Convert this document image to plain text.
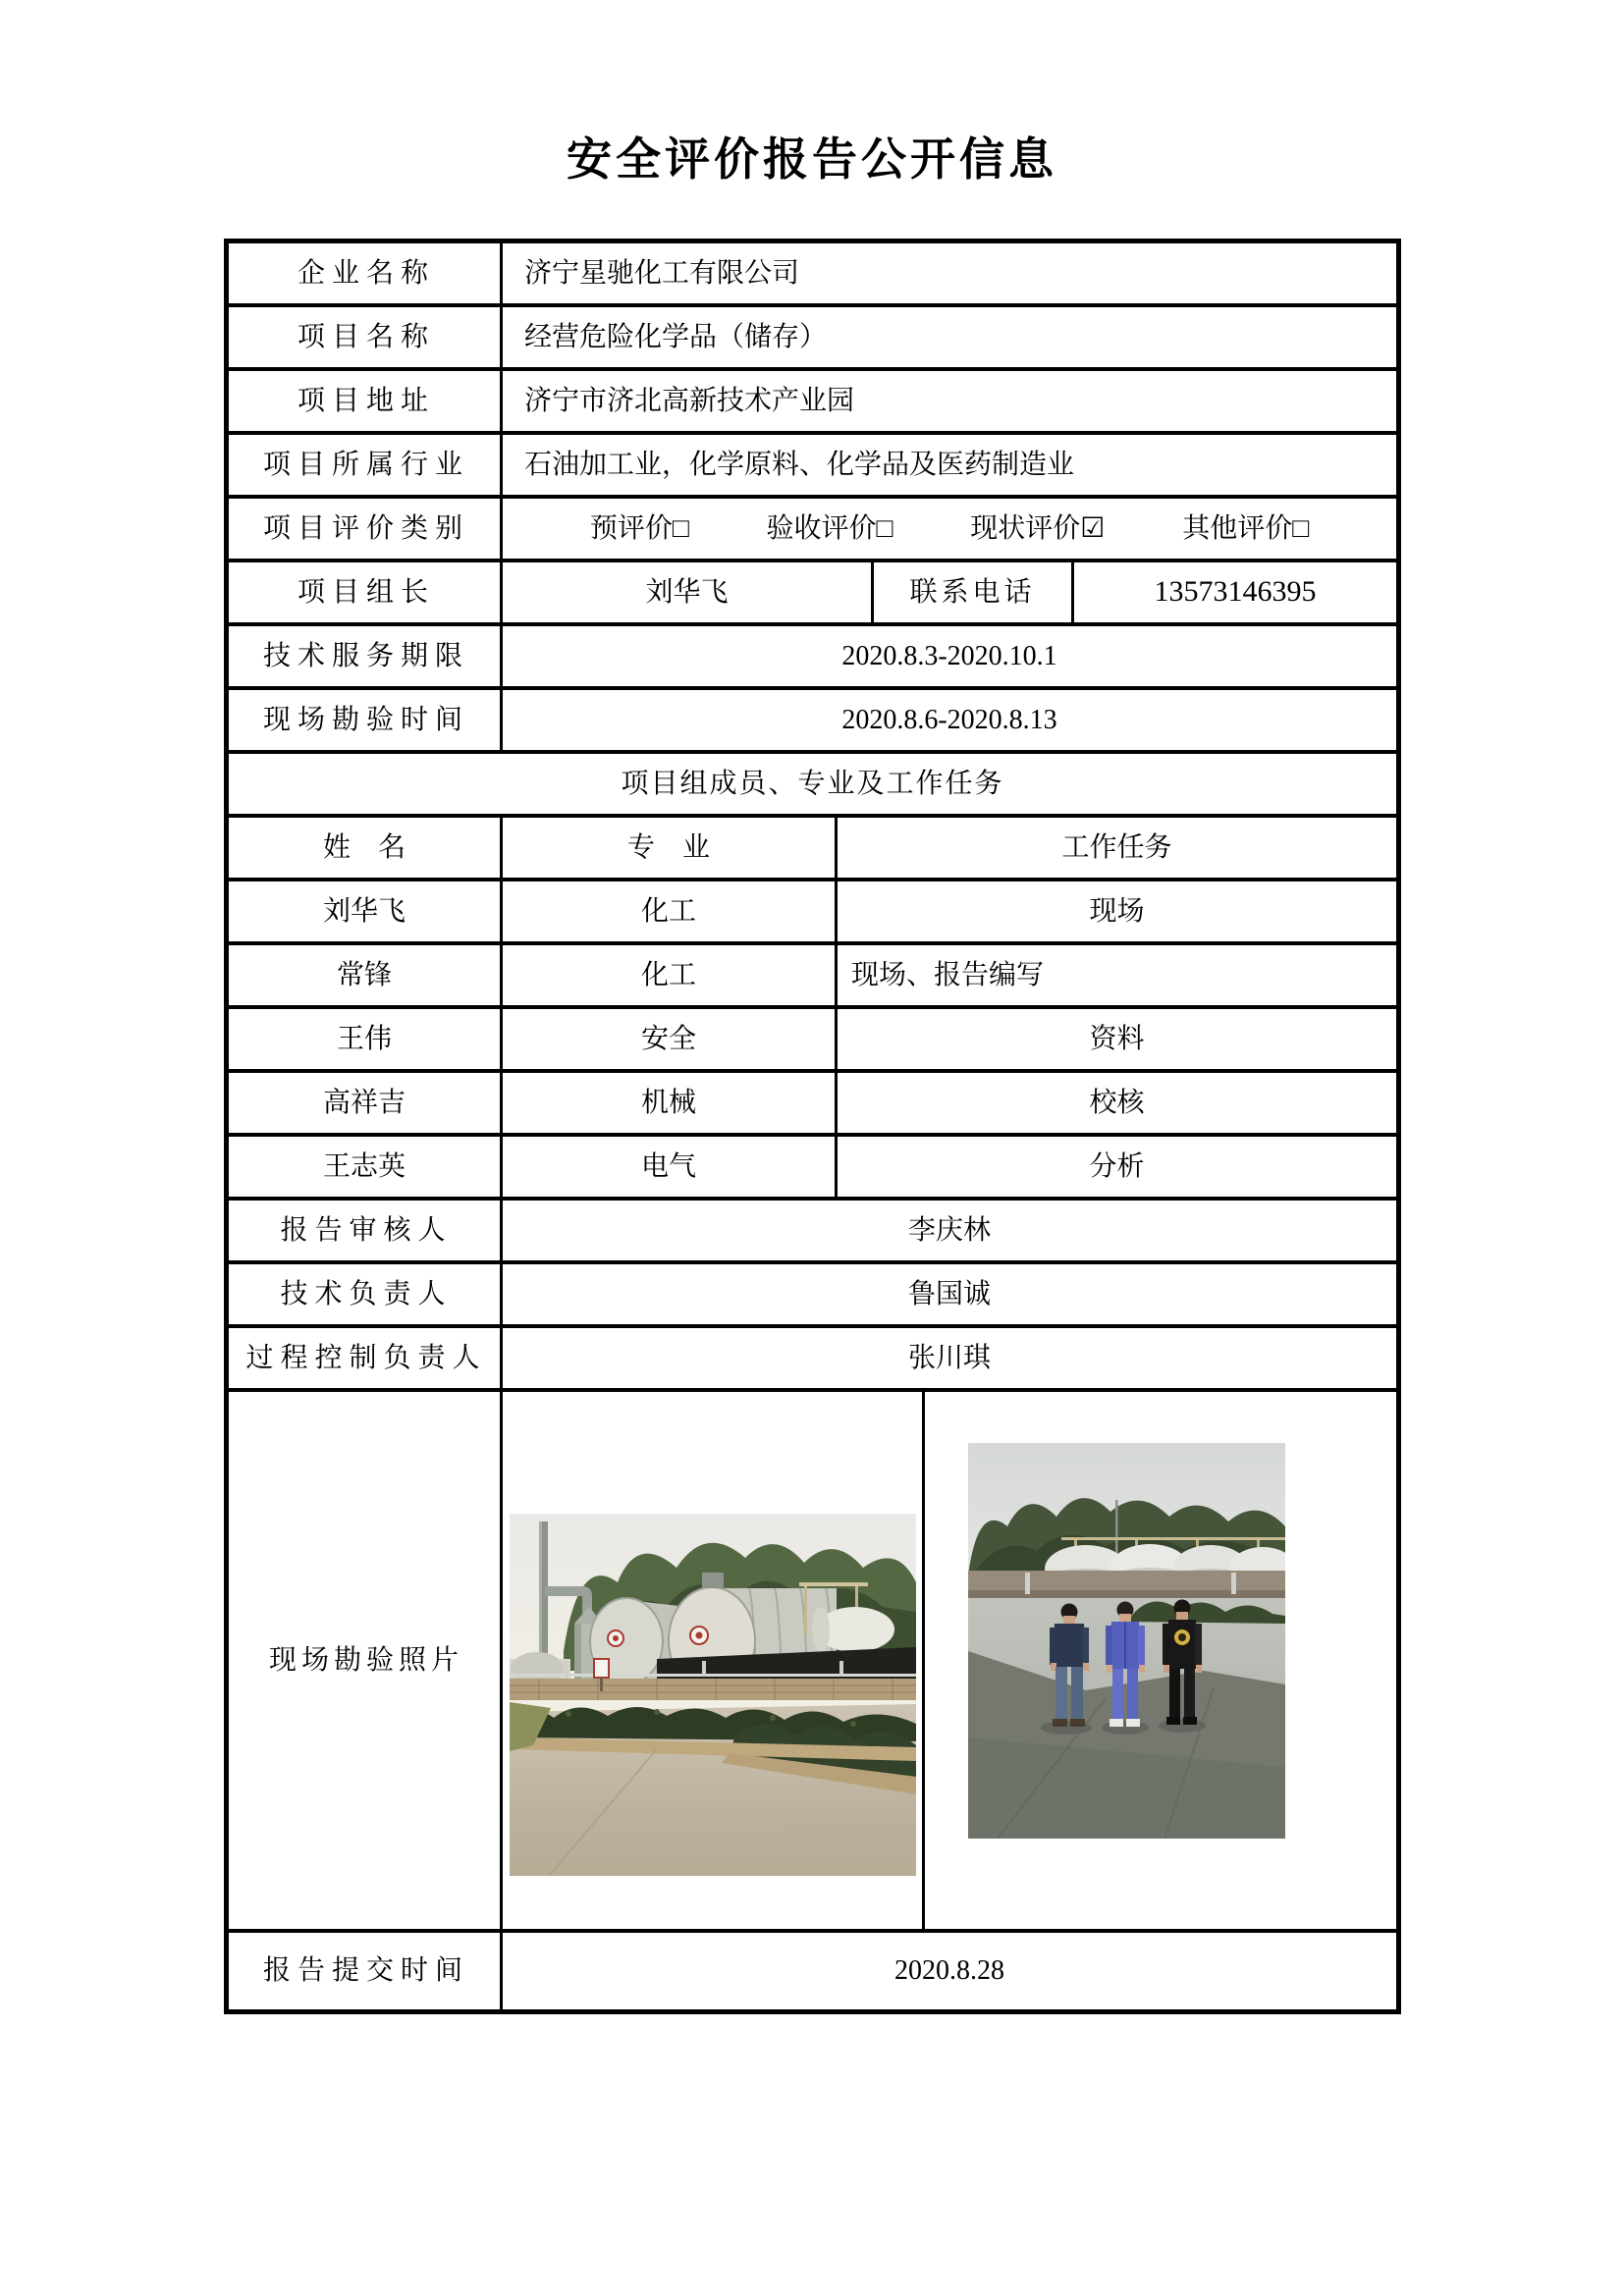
安全评价报告公开信息
企业名称	济宁星驰化工有限公司
项目名称	经营危险化学品（储存）
项目地址	济宁市济北高新技术产业园
项目所属行业	石油加工业，化学原料、化学品及医药制造业
项目评价类别	预评价□	验收评价□	现状评价☑	其他评价□
项目组长	刘华飞	联系电话	13573146395
技术服务期限	2020.8.3-2020.10.1
现场勘验时间	2020.8.6-2020.8.13
项目组成员、专业及工作任务
姓　名	专　业	工作任务
刘华飞	化工	现场
常锋	化工	现场、报告编写
王伟	安全	资料
高祥吉	机械	校核
王志英	电气	分析
报告审核人	李庆林
技术负责人	鲁国诚
过程控制负责人	张川琪
现场勘验照片
报告提交时间	2020.8.28
